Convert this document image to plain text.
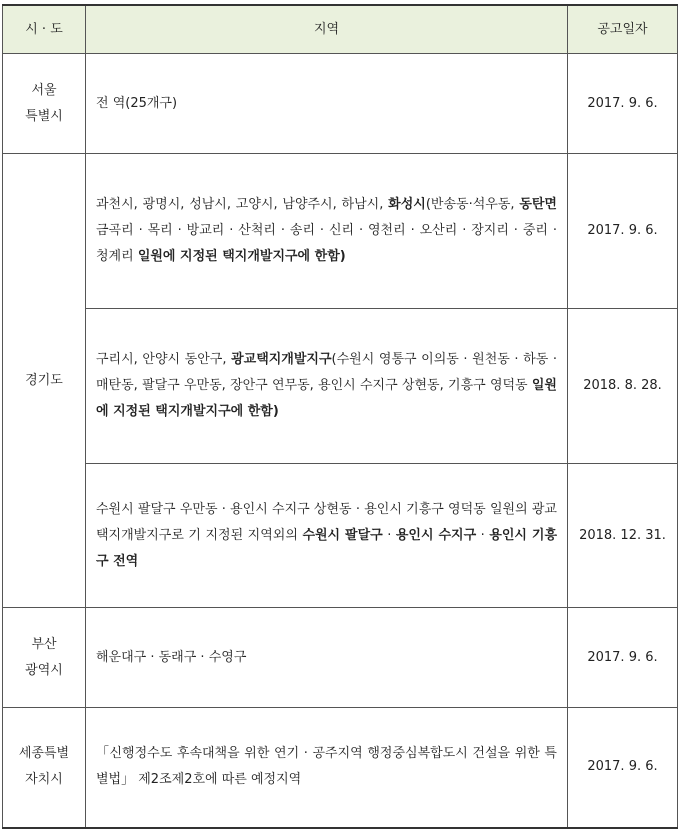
시 · 도	지역	공고일자

서울
특별시	전 역(25개구)	2017. 9. 6.

경기도	과천시, 광명시, 성남시, 고양시, 남양주시, 하남시, 화성시(반송동·석우동, 동탄면 금곡리 · 목리 · 방교리 · 산척리 · 송리 · 신리 · 영천리 · 오산리 · 장지리 · 중리 · 청계리 일원에 지정된 택지개발지구에 한함)	2017. 9. 6.
	구리시, 안양시 동안구, 광교택지개발지구(수원시 영통구 이의동 · 원천동 · 하동 · 매탄동, 팔달구 우만동, 장안구 연무동, 용인시 수지구 상현동, 기흥구 영덕동 일원에 지정된 택지개발지구에 한함)	2018. 8. 28.
	수원시 팔달구 우만동 · 용인시 수지구 상현동 · 용인시 기흥구 영덕동 일원의 광교택지개발지구로 기 지정된 지역외의 수원시 팔달구 · 용인시 수지구 · 용인시 기흥구 전역	2018. 12. 31.

부산
광역시	해운대구 · 동래구 · 수영구	2017. 9. 6.

세종특별
자치시	「신행정수도 후속대책을 위한 연기 · 공주지역 행정중심복합도시 건설을 위한 특별법」 제2조제2호에 따른 예정지역	2017. 9. 6.
